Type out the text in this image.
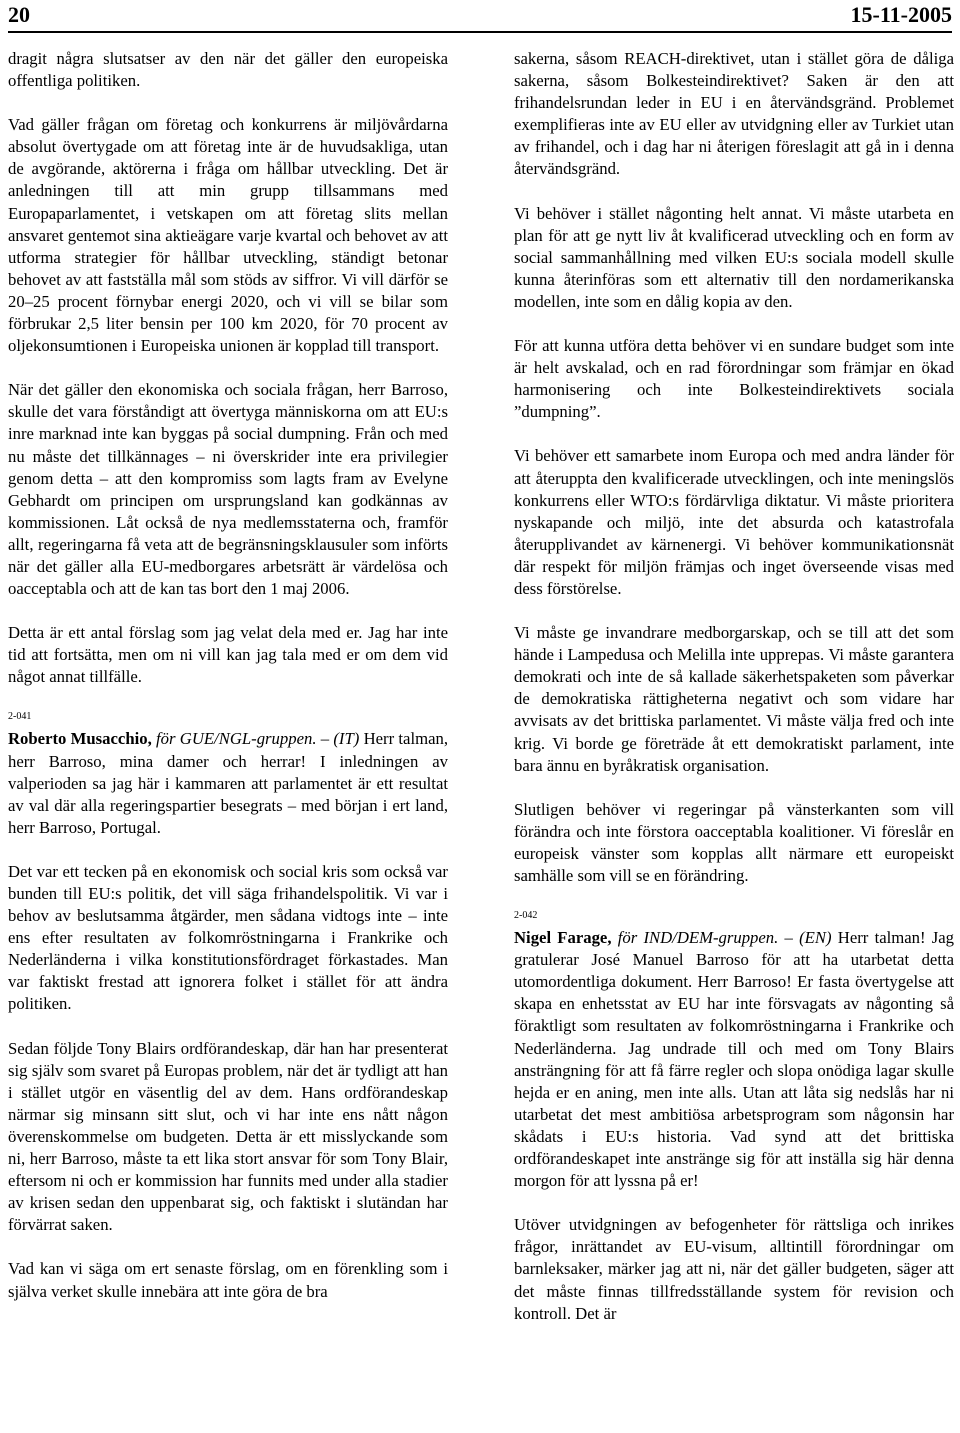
20	15-11-2005

dragit några slutsatser av den när det gäller den europeiska offentliga politiken.

Vad gäller frågan om företag och konkurrens är miljövårdarna absolut övertygade om att företag inte är de huvudsakliga, utan de avgörande, aktörerna i fråga om hållbar utveckling. Det är anledningen till att min grupp tillsammans med Europaparlamentet, i vetskapen om att företag slits mellan ansvaret gentemot sina aktieägare varje kvartal och behovet av att utforma strategier för hållbar utveckling, ständigt betonar behovet av att fastställa mål som stöds av siffror. Vi vill därför se 20–25 procent förnybar energi 2020, och vi vill se bilar som förbrukar 2,5 liter bensin per 100 km 2020, för 70 procent av oljekonsumtionen i Europeiska unionen är kopplad till transport.

När det gäller den ekonomiska och sociala frågan, herr Barroso, skulle det vara förståndigt att övertyga människorna om att EU:s inre marknad inte kan byggas på social dumpning. Från och med nu måste det tillkännages – ni överskrider inte era privilegier genom detta – att den kompromiss som lagts fram av Evelyne Gebhardt om principen om ursprungsland kan godkännas av kommissionen. Låt också de nya medlemsstaterna och, framför allt, regeringarna få veta att de begränsningsklausuler som införts när det gäller alla EU-medborgares arbetsrätt är värdelösa och oacceptabla och att de kan tas bort den 1 maj 2006.

Detta är ett antal förslag som jag velat dela med er. Jag har inte tid att fortsätta, men om ni vill kan jag tala med er om dem vid något annat tillfälle.

2-041

Roberto Musacchio, för GUE/NGL-gruppen. – (IT) Herr talman, herr Barroso, mina damer och herrar! I inledningen av valperioden sa jag här i kammaren att parlamentet är ett resultat av val där alla regeringspartier besegrats – med början i ert land, herr Barroso, Portugal.

Det var ett tecken på en ekonomisk och social kris som också var bunden till EU:s politik, det vill säga frihandelspolitik. Vi var i behov av beslutsamma åtgärder, men sådana vidtogs inte – inte ens efter resultaten av folkomröstningarna i Frankrike och Nederländerna i vilka konstitutionsfördraget förkastades. Man var faktiskt frestad att ignorera folket i stället för att ändra politiken.

Sedan följde Tony Blairs ordförandeskap, där han har presenterat sig själv som svaret på Europas problem, när det är tydligt att han i stället utgör en väsentlig del av dem. Hans ordförandeskap närmar sig minsann sitt slut, och vi har inte ens nått någon överenskommelse om budgeten. Detta är ett misslyckande som ni, herr Barroso, måste ta ett lika stort ansvar för som Tony Blair, eftersom ni och er kommission har funnits med under alla stadier av krisen sedan den uppenbarat sig, och faktiskt i slutändan har förvärrat saken.

Vad kan vi säga om ert senaste förslag, om en förenkling som i själva verket skulle innebära att inte göra de bra

sakerna, såsom REACH-direktivet, utan i stället göra de dåliga sakerna, såsom Bolkesteindirektivet? Saken är den att frihandelsrundan leder in EU i en återvändsgränd. Problemet exemplifieras inte av EU eller av utvidgning eller av Turkiet utan av frihandel, och i dag har ni återigen föreslagit att gå in i denna återvändsgränd.

Vi behöver i stället någonting helt annat. Vi måste utarbeta en plan för att ge nytt liv åt kvalificerad utveckling och en form av social sammanhållning med vilken EU:s sociala modell skulle kunna återinföras som ett alternativ till den nordamerikanska modellen, inte som en dålig kopia av den.

För att kunna utföra detta behöver vi en sundare budget som inte är helt avskalad, och en rad förordningar som främjar en ökad harmonisering och inte Bolkesteindirektivets sociala ”dumpning”.

Vi behöver ett samarbete inom Europa och med andra länder för att återuppta den kvalificerade utvecklingen, och inte meningslös konkurrens eller WTO:s fördärvliga diktatur. Vi måste prioritera nyskapande och miljö, inte det absurda och katastrofala återupplivandet av kärnenergi. Vi behöver kommunikationsnät där respekt för miljön främjas och inget överseende visas med dess förstörelse.

Vi måste ge invandrare medborgarskap, och se till att det som hände i Lampedusa och Melilla inte upprepas. Vi måste garantera demokrati och inte de så kallade säkerhetspaketen som påverkar de demokratiska rättigheterna negativt och som vidare har avvisats av det brittiska parlamentet. Vi måste välja fred och inte krig. Vi borde ge företräde åt ett demokratiskt parlament, inte bara ännu en byråkratisk organisation.

Slutligen behöver vi regeringar på vänsterkanten som vill förändra och inte förstora oacceptabla koalitioner. Vi föreslår en europeisk vänster som kopplas allt närmare ett europeiskt samhälle som vill se en förändring.

2-042

Nigel Farage, för IND/DEM-gruppen. – (EN) Herr talman! Jag gratulerar José Manuel Barroso för att ha utarbetat detta utomordentliga dokument. Herr Barroso! Er fasta övertygelse att skapa en enhetsstat av EU har inte försvagats av någonting så föraktligt som resultaten av folkomröstningarna i Frankrike och Nederländerna. Jag undrade till och med om Tony Blairs ansträngning för att få färre regler och slopa onödiga lagar skulle hejda er en aning, men inte alls. Utan att låta sig nedslås har ni utarbetat det mest ambitiösa arbetsprogram som någonsin har skådats i EU:s historia. Vad synd att det brittiska ordförandeskapet inte anstränge sig för att inställa sig här denna morgon för att lyssna på er!

Utöver utvidgningen av befogenheter för rättsliga och inrikes frågor, inrättandet av EU-visum, alltintill förordningar om barnleksaker, märker jag att ni, när det gäller budgeten, säger att det måste finnas tillfredsställande system för revision och kontroll. Det är
